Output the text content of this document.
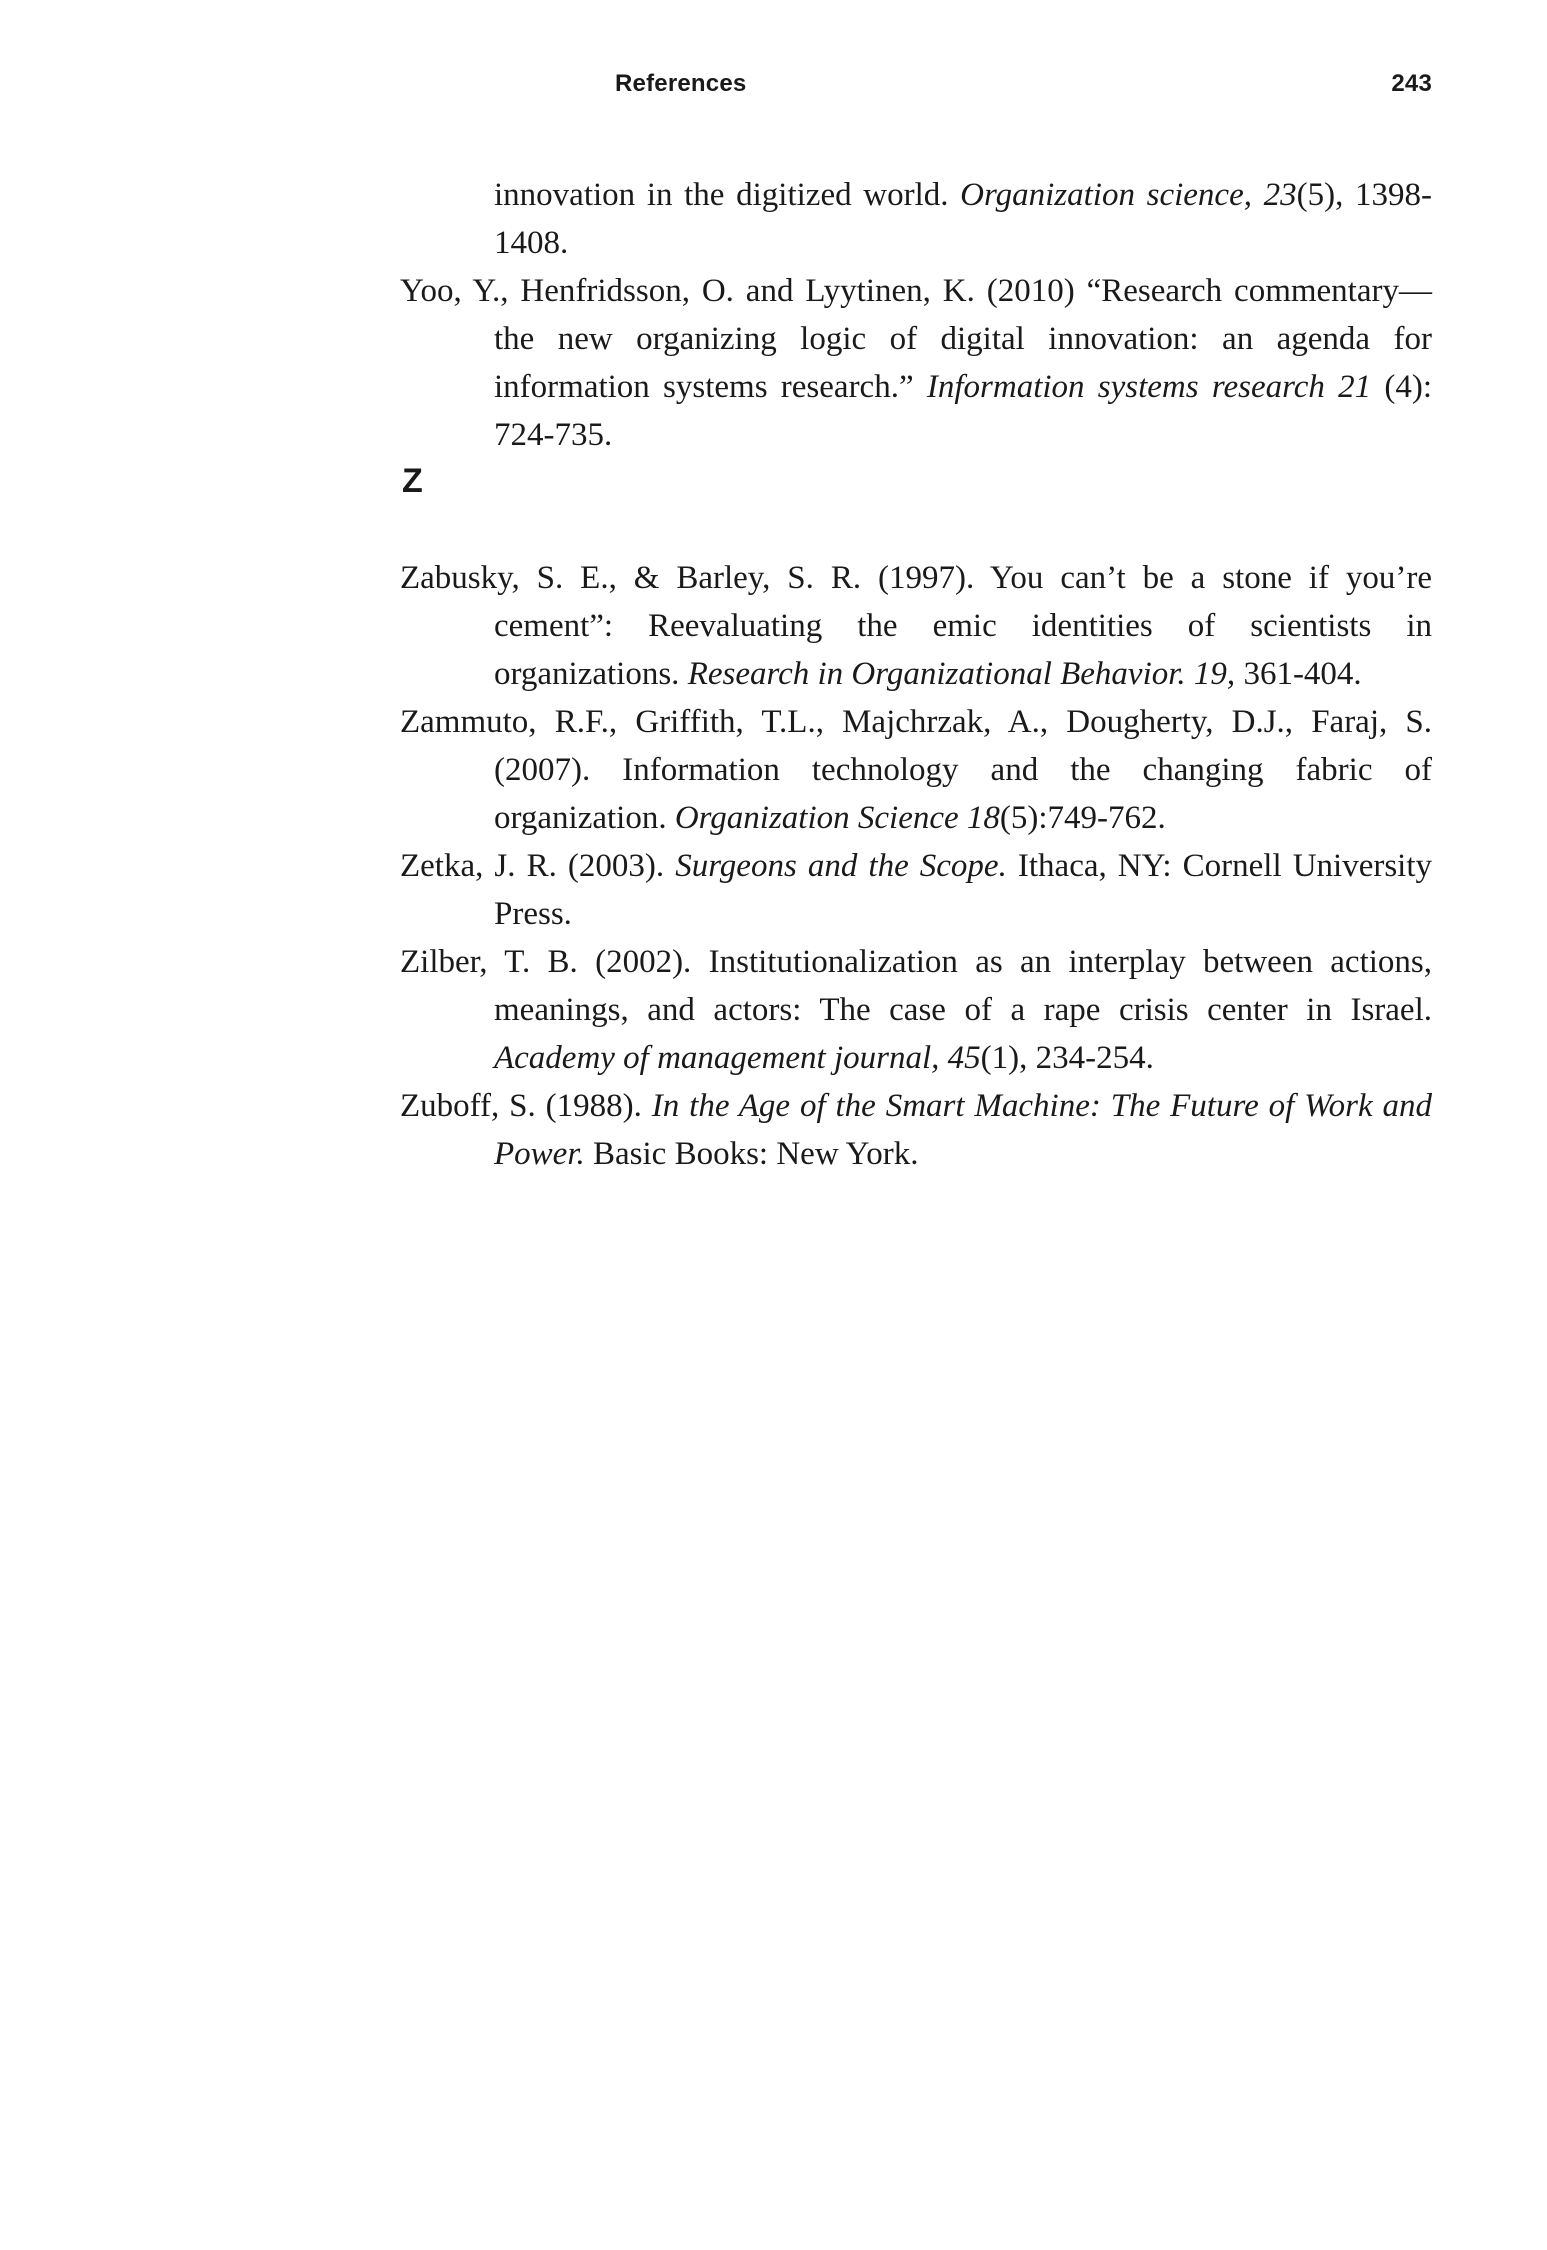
References	243
innovation in the digitized world. Organization science, 23(5), 1398-1408.

Yoo, Y., Henfridsson, O. and Lyytinen, K. (2010) “Research commentary—the new organizing logic of digital innovation: an agenda for information systems research.” Information systems research 21 (4): 724-735.

Z

Zabusky, S. E., & Barley, S. R. (1997). You can’t be a stone if you’re cement”: Reevaluating the emic identities of scientists in organizations. Research in Organizational Behavior. 19, 361-404.

Zammuto, R.F., Griffith, T.L., Majchrzak, A., Dougherty, D.J., Faraj, S. (2007). Information technology and the changing fabric of organization. Organization Science 18(5):749-762.

Zetka, J. R. (2003). Surgeons and the Scope. Ithaca, NY: Cornell University Press.

Zilber, T. B. (2002). Institutionalization as an interplay between actions, meanings, and actors: The case of a rape crisis center in Israel. Academy of management journal, 45(1), 234-254.

Zuboff, S. (1988). In the Age of the Smart Machine: The Future of Work and Power. Basic Books: New York.
